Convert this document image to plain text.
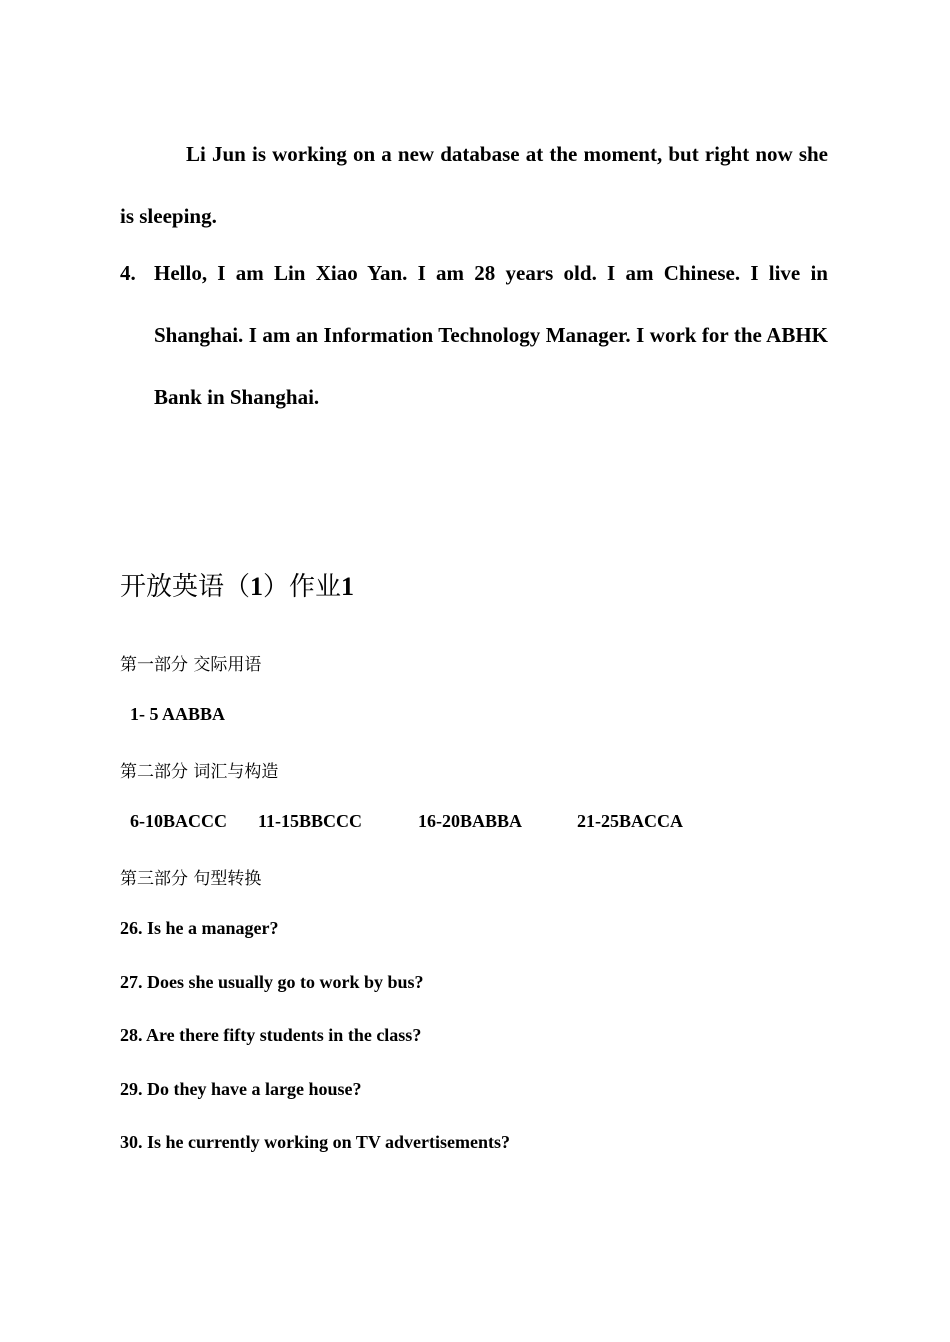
Li Jun is working on a new database at the moment, but right now she is sleeping.
4. Hello, I am Lin Xiao Yan. I am 28 years old. I am Chinese. I live in Shanghai. I am an Information Technology Manager. I work for the ABHK Bank in Shanghai.
开放英语（1）作业1
第一部分 交际用语
1- 5 AABBA
第二部分 词汇与构造
6-10BACCC 11-15BBCCC	16-20BABBA	21-25BACCA
第三部分 句型转换
26. Is he a manager?
27. Does she usually go to work by bus?
28. Are there fifty students in the class?
29. Do they have a large house?
30. Is he currently working on TV advertisements?
